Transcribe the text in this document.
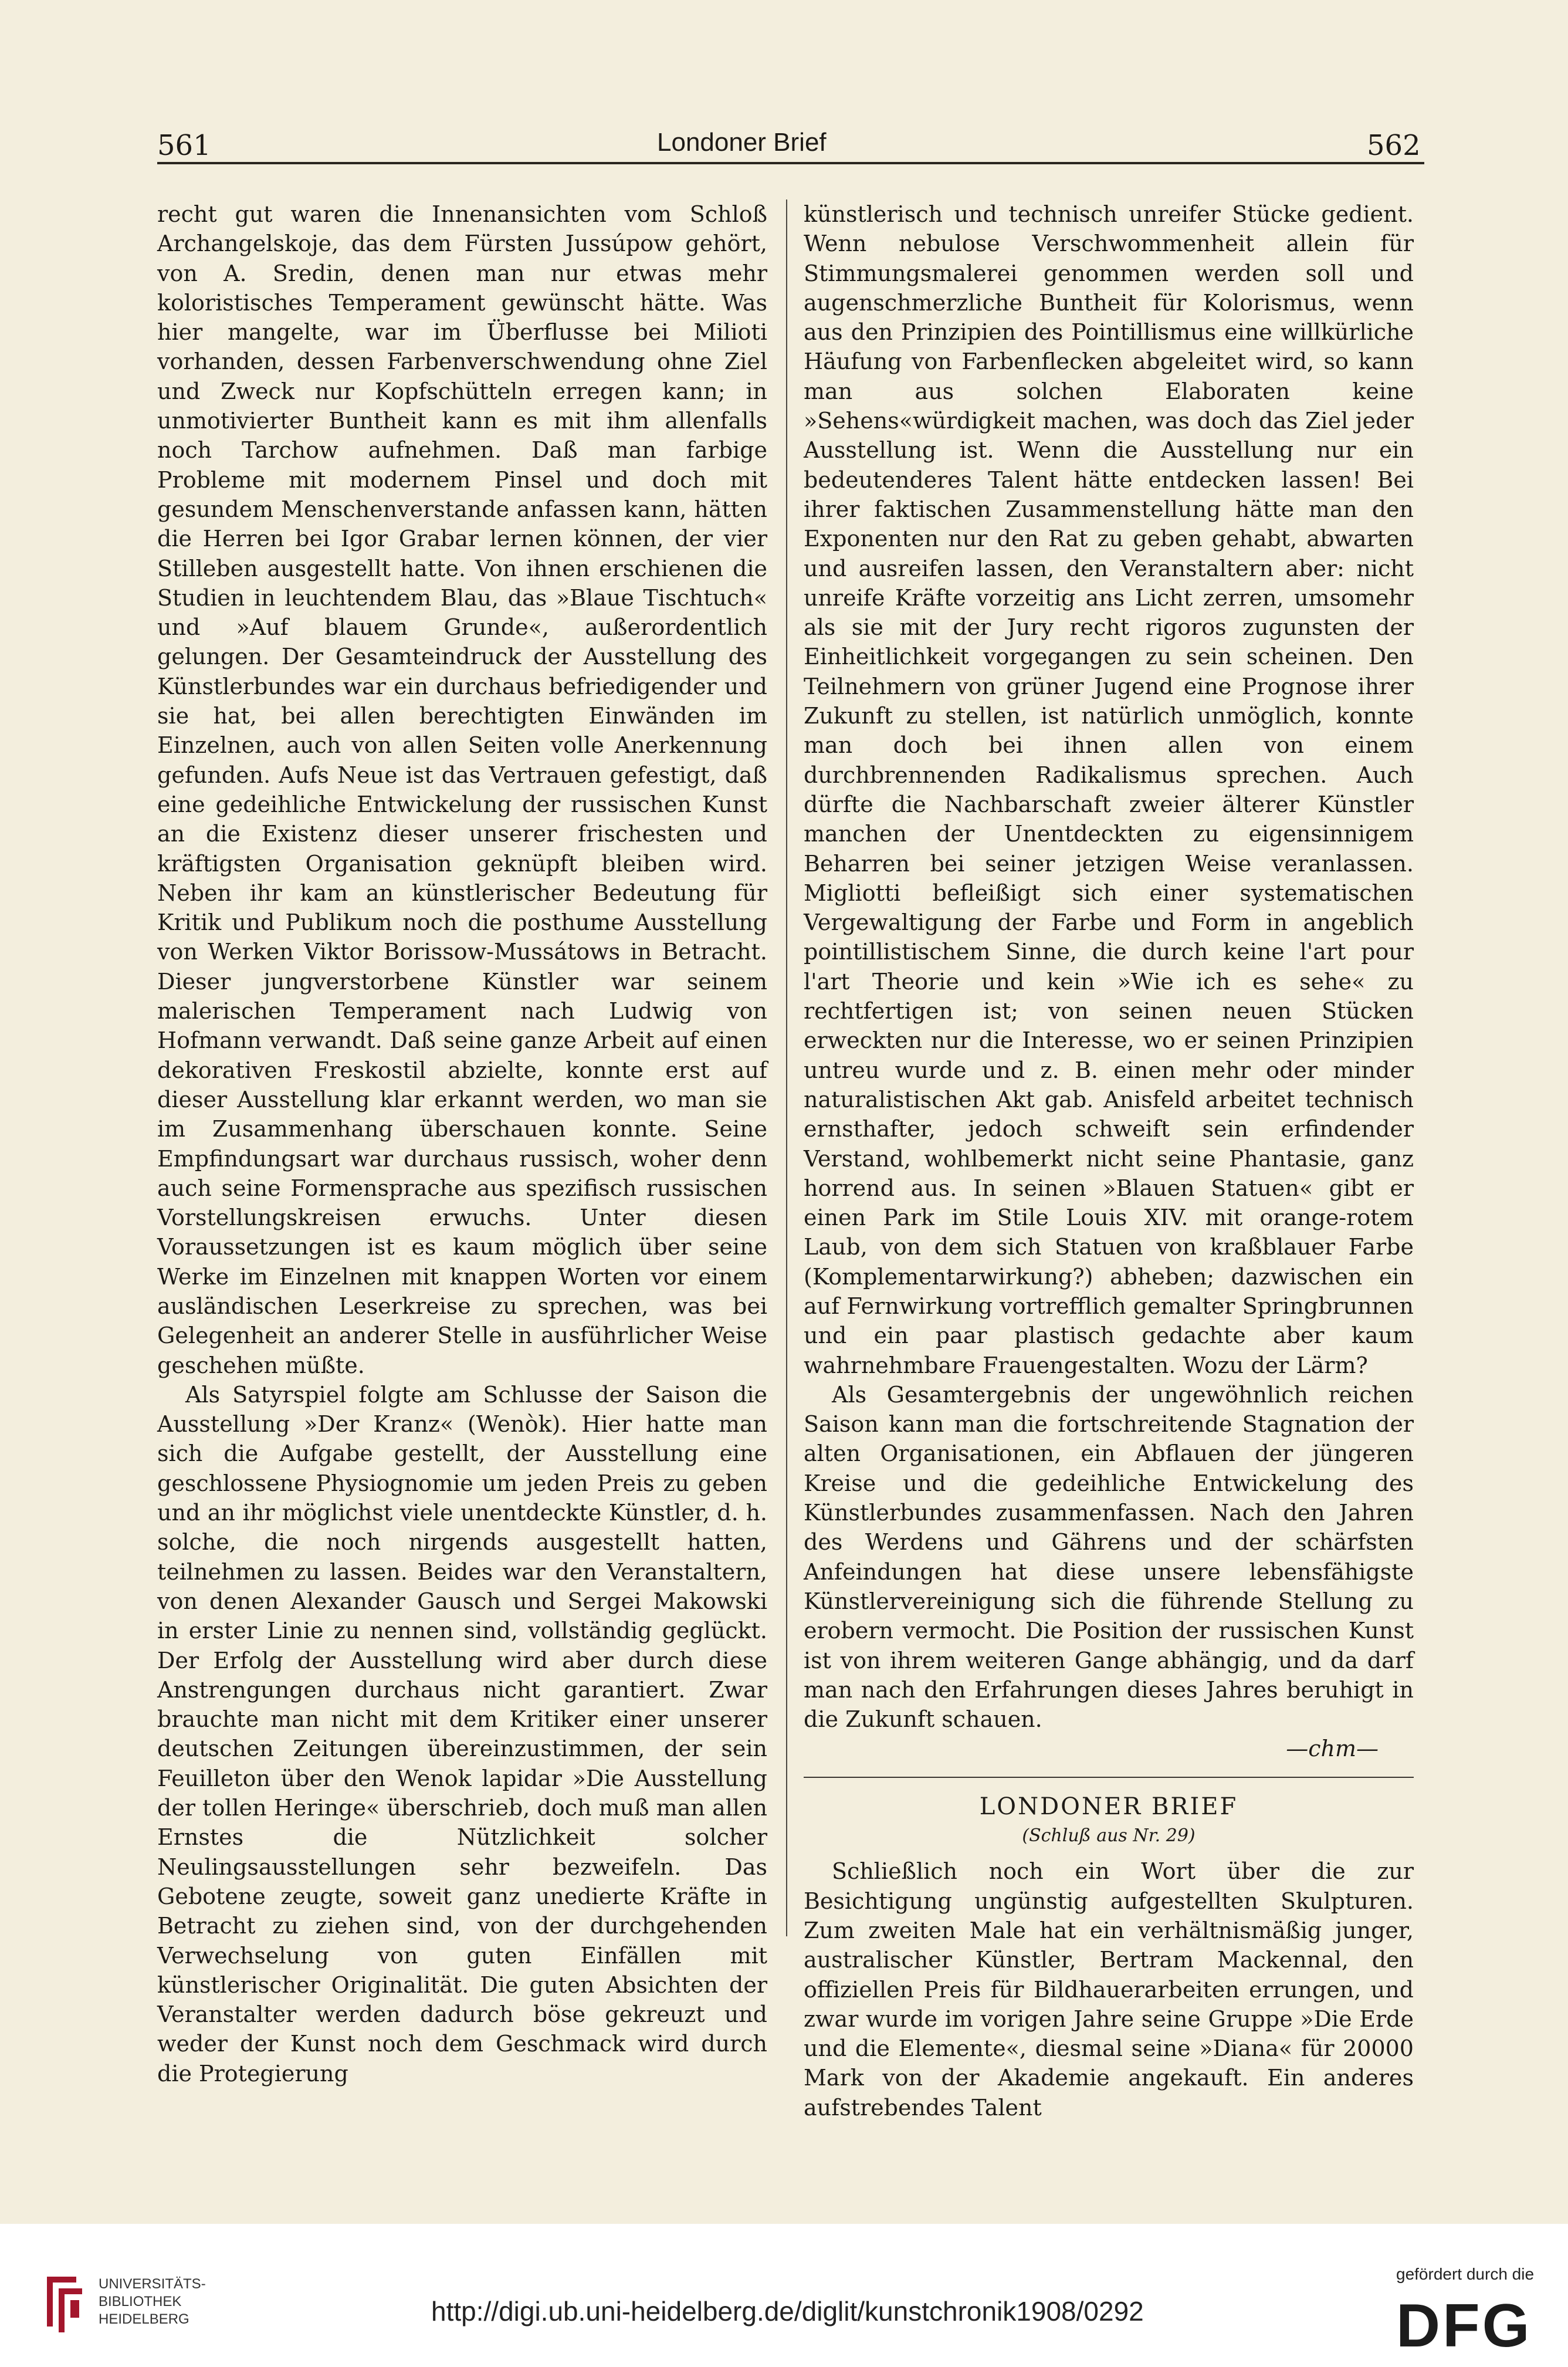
561	Londoner Brief	562

recht gut waren die Innenansichten vom Schloß Archangelskoje, das dem Fürsten Jussúpow gehört, von A. Sredin, denen man nur etwas mehr koloristisches Temperament gewünscht hätte. Was hier mangelte, war im Überflusse bei Milioti vorhanden, dessen Farbenverschwendung ohne Ziel und Zweck nur Kopfschütteln erregen kann; in unmotivierter Buntheit kann es mit ihm allenfalls noch Tarchow aufnehmen. Daß man farbige Probleme mit modernem Pinsel und doch mit gesundem Menschenverstande anfassen kann, hätten die Herren bei Igor Grabar lernen können, der vier Stilleben ausgestellt hatte. Von ihnen erschienen die Studien in leuchtendem Blau, das »Blaue Tischtuch« und »Auf blauem Grunde«, außerordentlich gelungen. Der Gesamteindruck der Ausstellung des Künstlerbundes war ein durchaus befriedigender und sie hat, bei allen berechtigten Einwänden im Einzelnen, auch von allen Seiten volle Anerkennung gefunden. Aufs Neue ist das Vertrauen gefestigt, daß eine gedeihliche Entwickelung der russischen Kunst an die Existenz dieser unserer frischesten und kräftigsten Organisation geknüpft bleiben wird. Neben ihr kam an künstlerischer Bedeutung für Kritik und Publikum noch die posthume Ausstellung von Werken Viktor Borissow-Mussátows in Betracht. Dieser jungverstorbene Künstler war seinem malerischen Temperament nach Ludwig von Hofmann verwandt. Daß seine ganze Arbeit auf einen dekorativen Freskostil abzielte, konnte erst auf dieser Ausstellung klar erkannt werden, wo man sie im Zusammenhang überschauen konnte. Seine Empfindungsart war durchaus russisch, woher denn auch seine Formensprache aus spezifisch russischen Vorstellungskreisen erwuchs. Unter diesen Voraussetzungen ist es kaum möglich über seine Werke im Einzelnen mit knappen Worten vor einem ausländischen Leserkreise zu sprechen, was bei Gelegenheit an anderer Stelle in ausführlicher Weise geschehen müßte.

Als Satyrspiel folgte am Schlusse der Saison die Ausstellung »Der Kranz« (Wenòk). Hier hatte man sich die Aufgabe gestellt, der Ausstellung eine geschlossene Physiognomie um jeden Preis zu geben und an ihr möglichst viele unentdeckte Künstler, d. h. solche, die noch nirgends ausgestellt hatten, teilnehmen zu lassen. Beides war den Veranstaltern, von denen Alexander Gausch und Sergei Makowski in erster Linie zu nennen sind, vollständig geglückt. Der Erfolg der Ausstellung wird aber durch diese Anstrengungen durchaus nicht garantiert. Zwar brauchte man nicht mit dem Kritiker einer unserer deutschen Zeitungen übereinzustimmen, der sein Feuilleton über den Wenok lapidar »Die Ausstellung der tollen Heringe« überschrieb, doch muß man allen Ernstes die Nützlichkeit solcher Neulingsausstellungen sehr bezweifeln. Das Gebotene zeugte, soweit ganz unedierte Kräfte in Betracht zu ziehen sind, von der durchgehenden Verwechselung von guten Einfällen mit künstlerischer Originalität. Die guten Absichten der Veranstalter werden dadurch böse gekreuzt und weder der Kunst noch dem Geschmack wird durch die Protegierung

künstlerisch und technisch unreifer Stücke gedient. Wenn nebulose Verschwommenheit allein für Stimmungsmalerei genommen werden soll und augenschmerzliche Buntheit für Kolorismus, wenn aus den Prinzipien des Pointillismus eine willkürliche Häufung von Farbenflecken abgeleitet wird, so kann man aus solchen Elaboraten keine »Sehens«würdigkeit machen, was doch das Ziel jeder Ausstellung ist. Wenn die Ausstellung nur ein bedeutenderes Talent hätte entdecken lassen! Bei ihrer faktischen Zusammenstellung hätte man den Exponenten nur den Rat zu geben gehabt, abwarten und ausreifen lassen, den Veranstaltern aber: nicht unreife Kräfte vorzeitig ans Licht zerren, umsomehr als sie mit der Jury recht rigoros zugunsten der Einheitlichkeit vorgegangen zu sein scheinen. Den Teilnehmern von grüner Jugend eine Prognose ihrer Zukunft zu stellen, ist natürlich unmöglich, konnte man doch bei ihnen allen von einem durchbrennenden Radikalismus sprechen. Auch dürfte die Nachbarschaft zweier älterer Künstler manchen der Unentdeckten zu eigensinnigem Beharren bei seiner jetzigen Weise veranlassen. Migliotti befleißigt sich einer systematischen Vergewaltigung der Farbe und Form in angeblich pointillistischem Sinne, die durch keine l'art pour l'art Theorie und kein »Wie ich es sehe« zu rechtfertigen ist; von seinen neuen Stücken erweckten nur die Interesse, wo er seinen Prinzipien untreu wurde und z. B. einen mehr oder minder naturalistischen Akt gab. Anisfeld arbeitet technisch ernsthafter, jedoch schweift sein erfindender Verstand, wohlbemerkt nicht seine Phantasie, ganz horrend aus. In seinen »Blauen Statuen« gibt er einen Park im Stile Louis XIV. mit orange-rotem Laub, von dem sich Statuen von kraßblauer Farbe (Komplementarwirkung?) abheben; dazwischen ein auf Fernwirkung vortrefflich gemalter Springbrunnen und ein paar plastisch gedachte aber kaum wahrnehmbare Frauengestalten. Wozu der Lärm?

Als Gesamtergebnis der ungewöhnlich reichen Saison kann man die fortschreitende Stagnation der alten Organisationen, ein Abflauen der jüngeren Kreise und die gedeihliche Entwickelung des Künstlerbundes zusammenfassen. Nach den Jahren des Werdens und Gährens und der schärfsten Anfeindungen hat diese unsere lebensfähigste Künstlervereinigung sich die führende Stellung zu erobern vermocht. Die Position der russischen Kunst ist von ihrem weiteren Gange abhängig, und da darf man nach den Erfahrungen dieses Jahres beruhigt in die Zukunft schauen.

—chm—
LONDONER BRIEF
(Schluß aus Nr. 29)

Schließlich noch ein Wort über die zur Besichtigung ungünstig aufgestellten Skulpturen. Zum zweiten Male hat ein verhältnismäßig junger, australischer Künstler, Bertram Mackennal, den offiziellen Preis für Bildhauerarbeiten errungen, und zwar wurde im vorigen Jahre seine Gruppe »Die Erde und die Elemente«, diesmal seine »Diana« für 20000 Mark von der Akademie angekauft. Ein anderes aufstrebendes Talent

UNIVERSITÄTS-
BIBLIOTHEK
HEIDELBERG	http://digi.ub.uni-heidelberg.de/diglit/kunstchronik1908/0292
gefördert durch die
DFG
